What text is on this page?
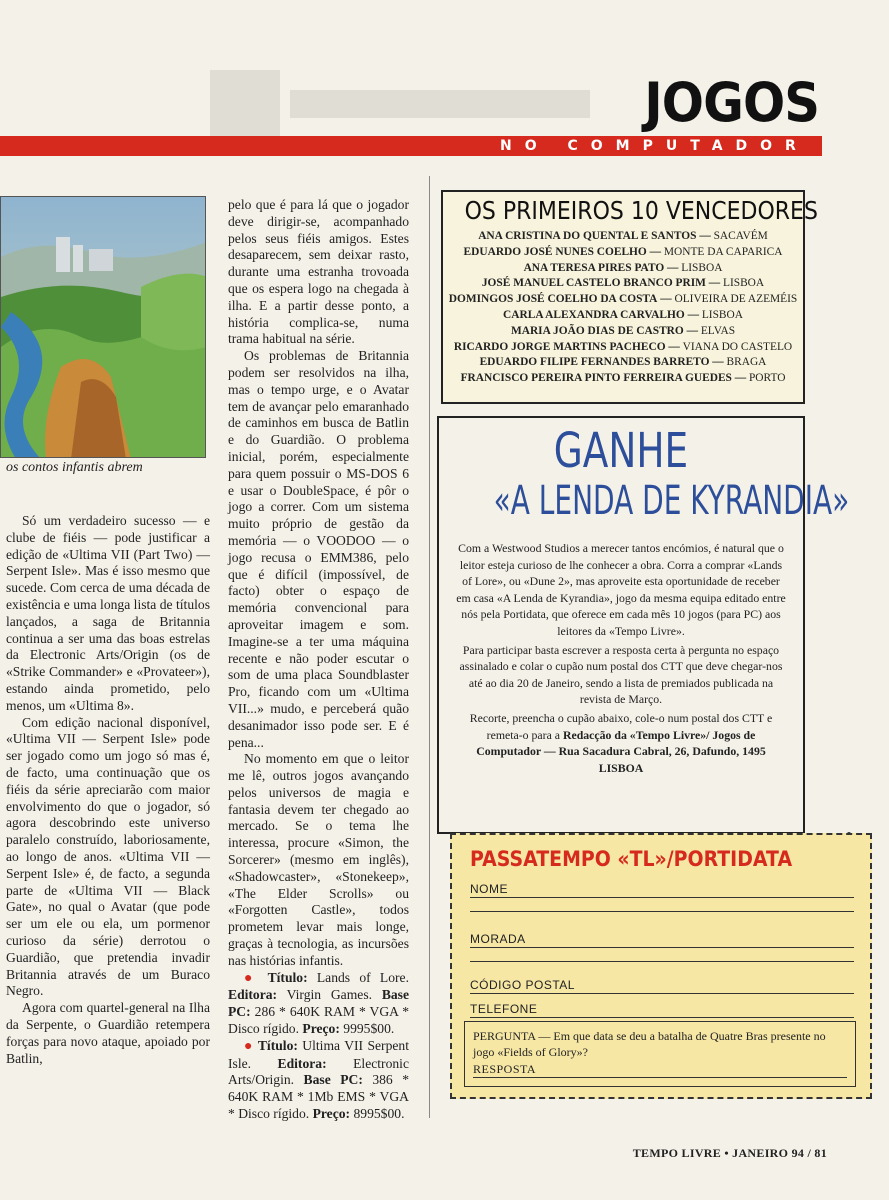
JOGOS
NO COMPUTADOR
os contos infantis abrem

Só um verdadeiro sucesso — e clube de fiéis — pode justificar a edição de «Ultima VII (Part Two) — Serpent Isle». Mas é isso mesmo que sucede. Com cerca de uma década de existência e uma longa lista de títulos lançados, a saga de Britannia continua a ser uma das boas estrelas da Electronic Arts/Origin (os de «Strike Commander» e «Provateer»), estando ainda prometido, pelo menos, um «Ultima 8».

Com edição nacional disponível, «Ultima VII — Serpent Isle» pode ser jogado como um jogo só mas é, de facto, uma continuação que os fiéis da série apreciarão com maior envolvimento do que o jogador, só agora descobrindo este universo paralelo construído, laboriosamente, ao longo de anos. «Ultima VII — Serpent Isle» é, de facto, a segunda parte de «Ultima VII — Black Gate», no qual o Avatar (que pode ser um ele ou ela, um pormenor curioso da série) derrotou o Guardião, que pretendia invadir Britannia através de um Buraco Negro.

Agora com quartel-general na Ilha da Serpente, o Guardião retempera forças para novo ataque, apoiado por Batlin,

pelo que é para lá que o jogador deve dirigir-se, acompanhado pelos seus fiéis amigos. Estes desaparecem, sem deixar rasto, durante uma estranha trovoada que os espera logo na chegada à ilha. E a partir desse ponto, a história complica-se, numa trama habitual na série.

Os problemas de Britannia podem ser resolvidos na ilha, mas o tempo urge, e o Avatar tem de avançar pelo emaranhado de caminhos em busca de Batlin e do Guardião. O problema inicial, porém, especialmente para quem possuir o MS-DOS 6 e usar o DoubleSpace, é pôr o jogo a correr. Com um sistema muito próprio de gestão da memória — o VOODOO — o jogo recusa o EMM386, pelo que é difícil (impossível, de facto) obter o espaço de memória convencional para aproveitar imagem e som. Imagine-se a ter uma máquina recente e não poder escutar o som de uma placa Soundblaster Pro, ficando com um «Ultima VII...» mudo, e perceberá quão desanimador isso pode ser. E é pena...

No momento em que o leitor me lê, outros jogos avançando pelos universos de magia e fantasia devem ter chegado ao mercado. Se o tema lhe interessa, procure «Simon, the Sorcerer» (mesmo em inglês), «Shadowcaster», «Stonekeep», «The Elder Scrolls» ou «Forgotten Castle», todos prometem levar mais longe, graças à tecnologia, as incursões nas histórias infantis.

● Título: Lands of Lore. Editora: Virgin Games. Base PC: 286 * 640K RAM * VGA * Disco rígido. Preço: 9995$00.

● Título: Ultima VII Serpent Isle. Editora: Electronic Arts/Origin. Base PC: 386 * 640K RAM * 1Mb EMS * VGA * Disco rígido. Preço: 8995$00.

OS PRIMEIROS 10 VENCEDORES
ANA CRISTINA DO QUENTAL E SANTOS — SACAVÉM
EDUARDO JOSÉ NUNES COELHO — MONTE DA CAPARICA
ANA TERESA PIRES PATO — LISBOA
JOSÉ MANUEL CASTELO BRANCO PRIM — LISBOA
DOMINGOS JOSÉ COELHO DA COSTA — OLIVEIRA DE AZEMÉIS
CARLA ALEXANDRA CARVALHO — LISBOA
MARIA JOÃO DIAS DE CASTRO — ELVAS
RICARDO JORGE MARTINS PACHECO — VIANA DO CASTELO
EDUARDO FILIPE FERNANDES BARRETO — BRAGA
FRANCISCO PEREIRA PINTO FERREIRA GUEDES — PORTO
GANHE
«A LENDA DE KYRANDIA»

Com a Westwood Studios a merecer tantos encómios, é natural que o leitor esteja curioso de lhe conhecer a obra. Corra a comprar «Lands of Lore», ou «Dune 2», mas aproveite esta oportunidade de receber em casa «A Lenda de Kyrandia», jogo da mesma equipa editado entre nós pela Portidata, que oferece em cada mês 10 jogos (para PC) aos leitores da «Tempo Livre».

Para participar basta escrever a resposta certa à pergunta no espaço assinalado e colar o cupão num postal dos CTT que deve chegar-nos até ao dia 20 de Janeiro, sendo a lista de premiados publicada na revista de Março.

Recorte, preencha o cupão abaixo, cole-o num postal dos CTT e remeta-o para a Redacção da «Tempo Livre»/ Jogos de Computador — Rua Sacadura Cabral, 26, Dafundo, 1495 LISBOA

PASSATEMPO «TL»/PORTIDATA
NOME
MORADA
CÓDIGO POSTAL
TELEFONE
PERGUNTA — Em que data se deu a batalha de Quatre Bras presente no jogo «Fields of Glory»?
RESPOSTA
TEMPO LIVRE • JANEIRO 94 / 81
